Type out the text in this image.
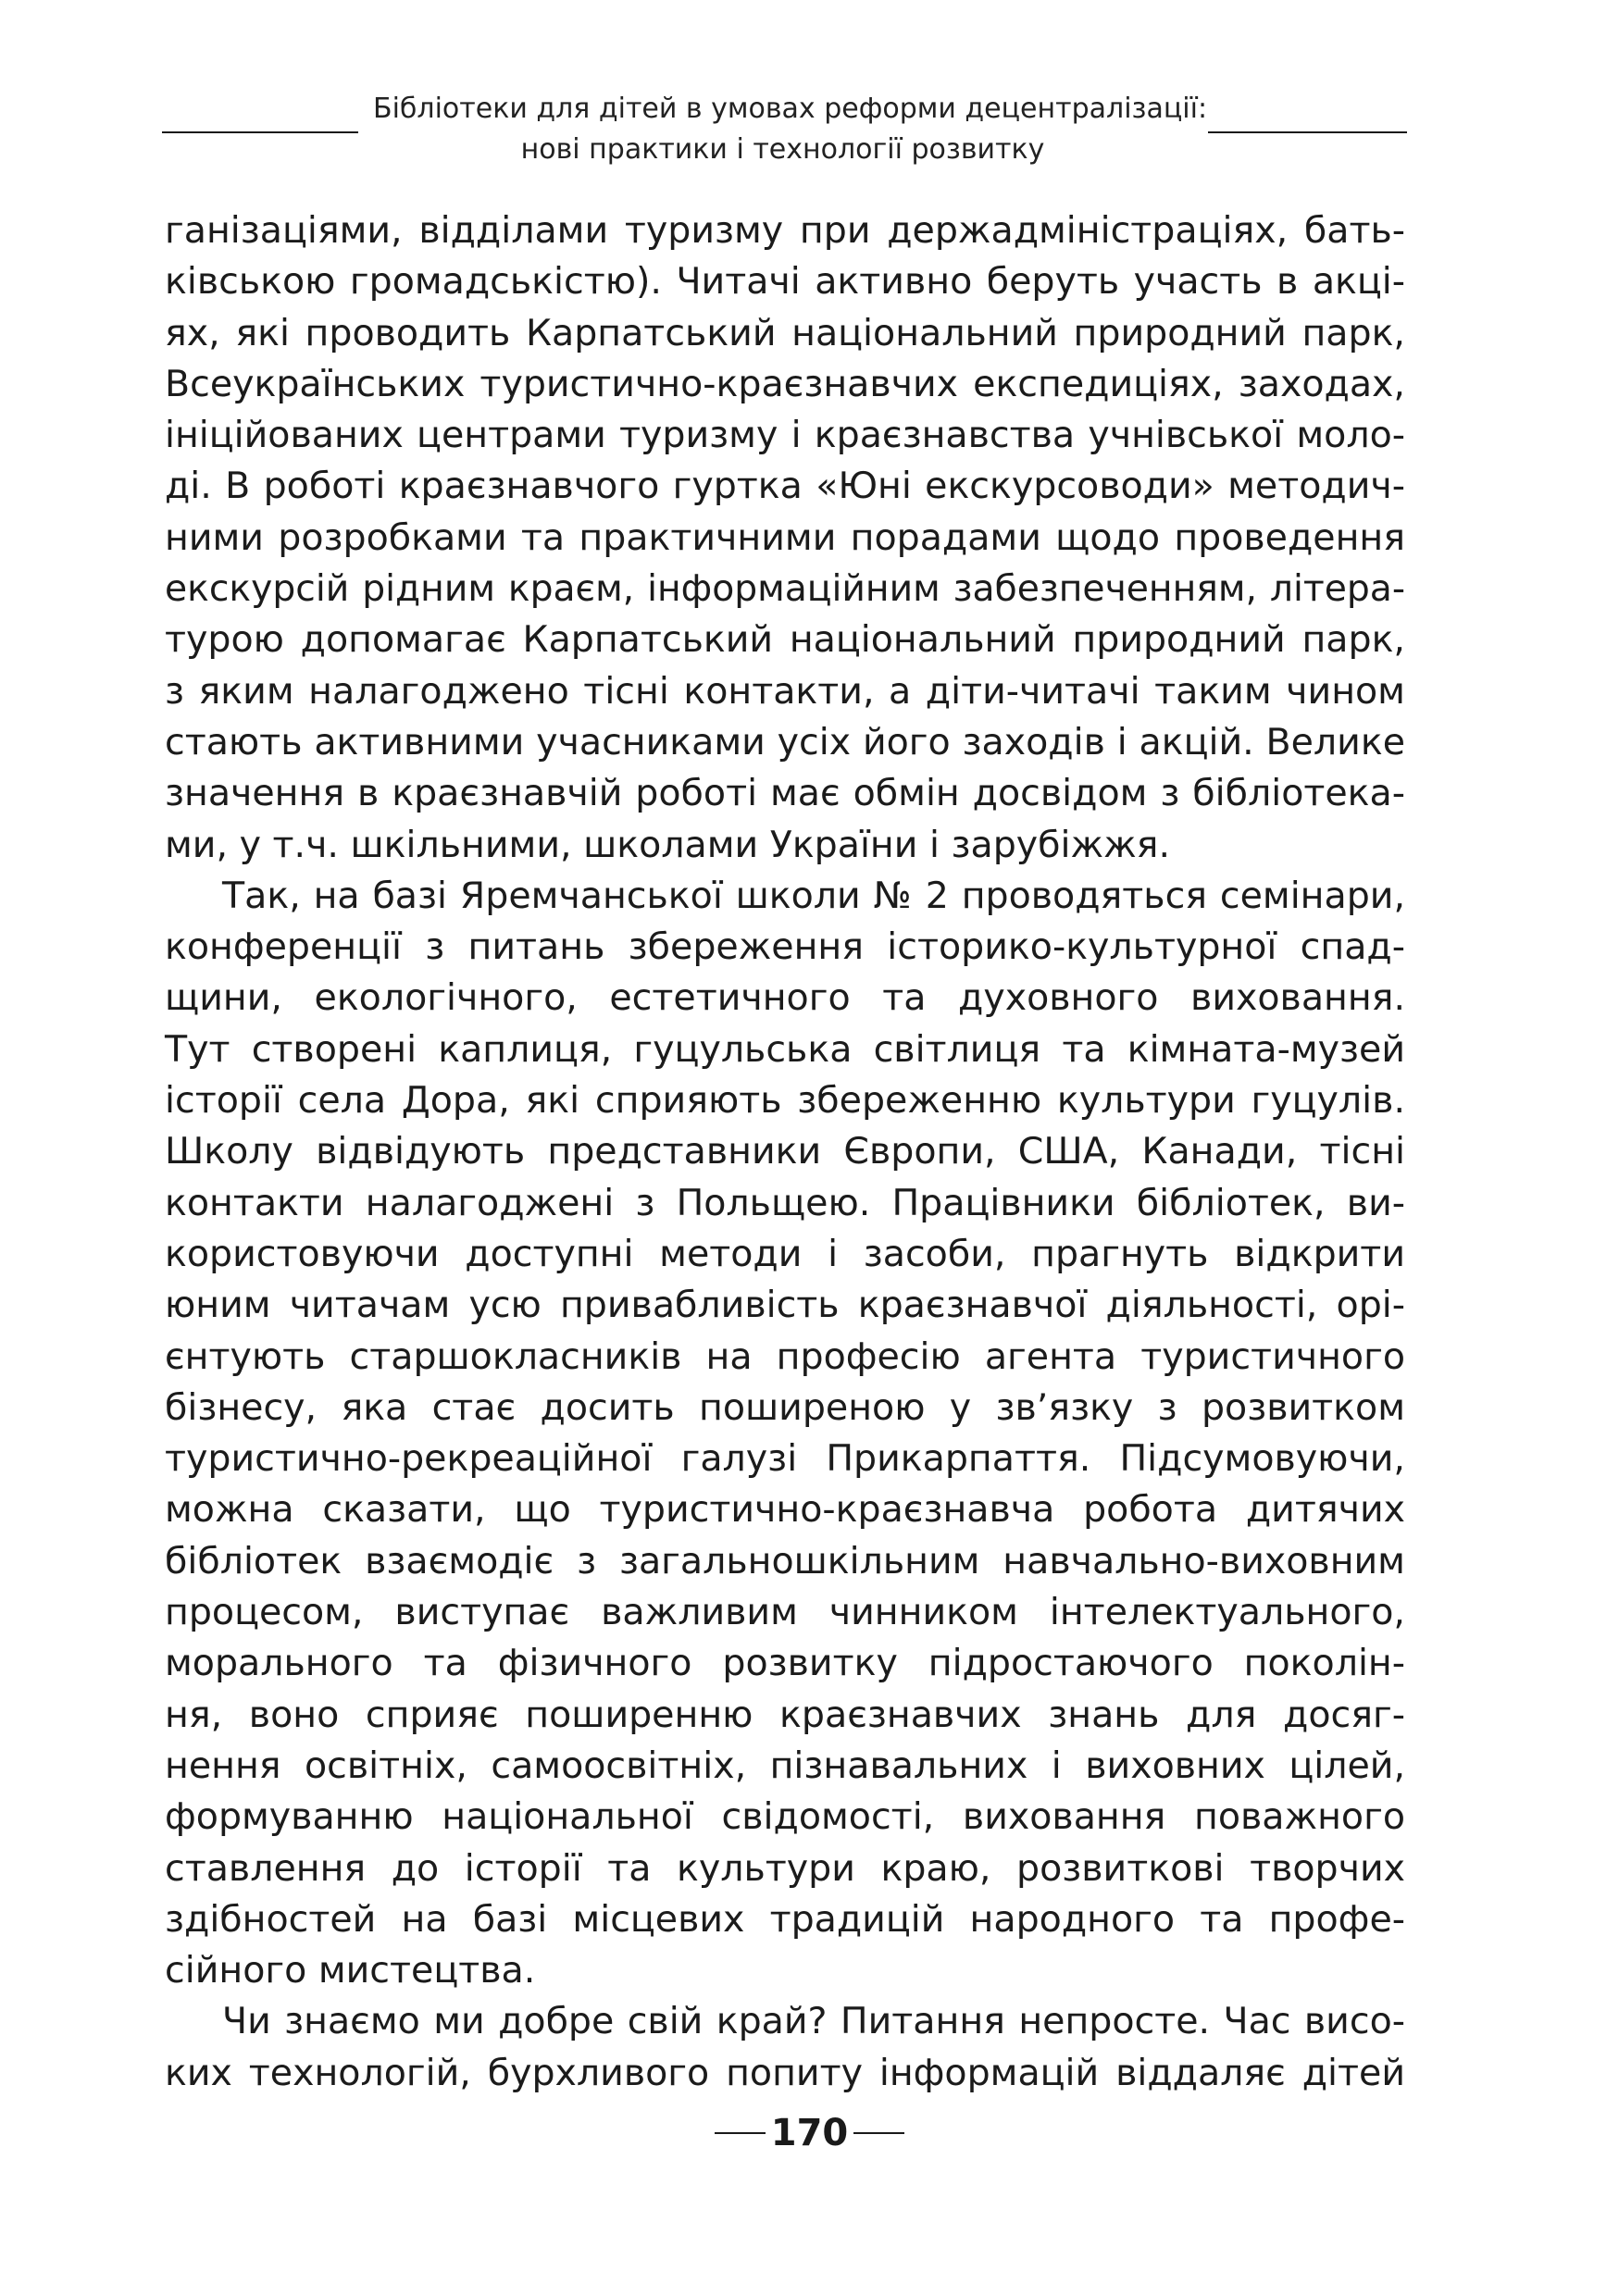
Бібліотеки для дітей в умовах реформи децентралізації:
нові практики і технології розвитку
ганізаціями, відділами туризму при держадміністраціях, бать-
ківською громадськістю). Читачі активно беруть участь в акці-
ях, які проводить Карпатський національний природний парк,
Всеукраїнських туристично-краєзнавчих експедиціях, заходах,
ініційованих центрами туризму і краєзнавства учнівської моло-
ді. В роботі краєзнавчого гуртка «Юні екскурсоводи» методич-
ними розробками та практичними порадами щодо проведення
екскурсій рідним краєм, інформаційним забезпеченням, літера-
турою допомагає Карпатський національний природний парк,
з яким налагоджено тісні контакти, а діти-читачі таким чином
стають активними учасниками усіх його заходів і акцій. Велике
значення в краєзнавчій роботі має обмін досвідом з бібліотека-
ми, у т.ч. шкільними, школами України і зарубіжжя.
Так, на базі Яремчанської школи № 2 проводяться семінари,
конференції з питань збереження історико-культурної спад-
щини, екологічного, естетичного та духовного виховання.
Тут створені каплиця, гуцульська світлиця та кімната-музей
історії села Дора, які сприяють збереженню культури гуцулів.
Школу відвідують представники Європи, США, Канади, тісні
контакти налагоджені з Польщею. Працівники бібліотек, ви-
користовуючи доступні методи і засоби, прагнуть відкрити
юним читачам усю привабливість краєзнавчої діяльності, орі-
єнтують старшокласників на професію агента туристичного
бізнесу, яка стає досить поширеною у зв’язку з розвитком
туристично-рекреаційної галузі Прикарпаття. Підсумовуючи,
можна сказати, що туристично-краєзнавча робота дитячих
бібліотек взаємодіє з загальношкільним навчально-виховним
процесом, виступає важливим чинником інтелектуального,
морального та фізичного розвитку підростаючого поколін-
ня, воно сприяє поширенню краєзнавчих знань для досяг-
нення освітніх, самоосвітніх, пізнавальних і виховних цілей,
формуванню національної свідомості, виховання поважного
ставлення до історії та культури краю, розвиткові творчих
здібностей на базі місцевих традицій народного та профе-
сійного мистецтва.
Чи знаємо ми добре свій край? Питання непросте. Час висо-
ких технологій, бурхливого попиту інформацій віддаляє дітей
170
